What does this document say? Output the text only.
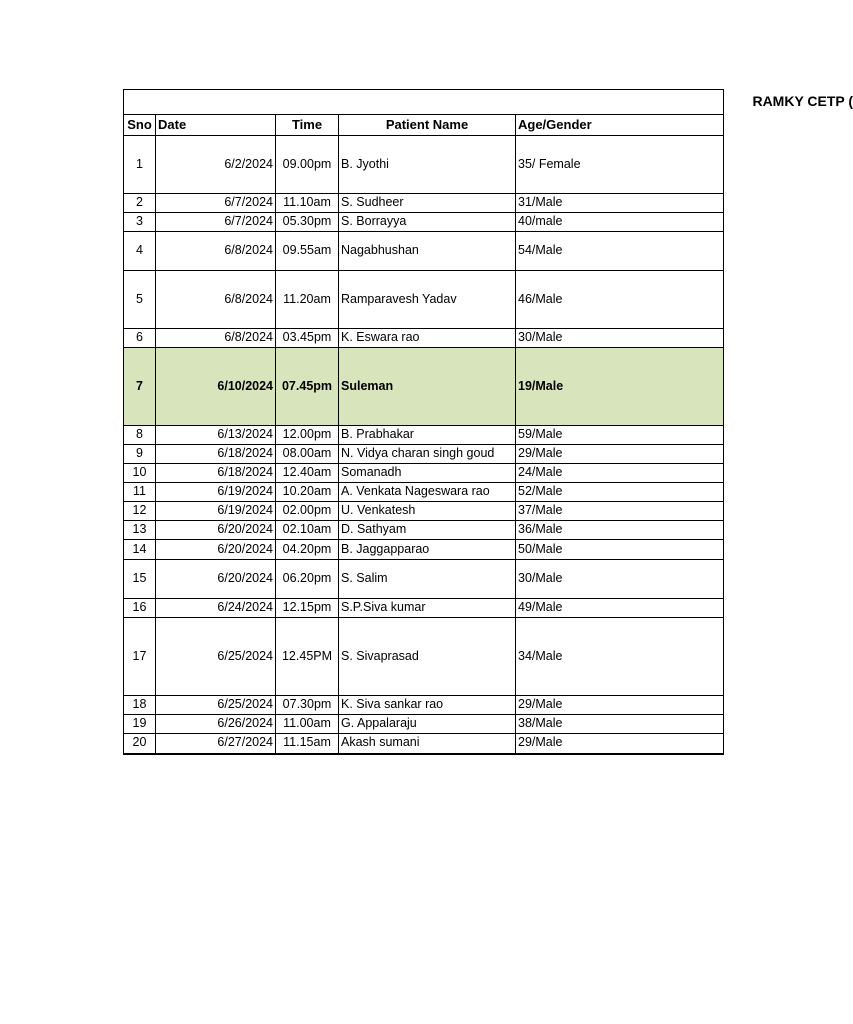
RAMKY CETP (				
Sno	Date	Time	Patient Name	Age/Gender
1	6/2/2024	09.00pm	B. Jyothi	35/ Female
2	6/7/2024	11.10am	S. Sudheer	31/Male
3	6/7/2024	05.30pm	S. Borrayya	40/male
4	6/8/2024	09.55am	Nagabhushan	54/Male
5	6/8/2024	11.20am	Ramparavesh Yadav	46/Male
6	6/8/2024	03.45pm	K. Eswara rao	30/Male
7	6/10/2024	07.45pm	Suleman	19/Male
8	6/13/2024	12.00pm	B. Prabhakar	59/Male
9	6/18/2024	08.00am	N. Vidya charan singh goud	29/Male
10	6/18/2024	12.40am	Somanadh	24/Male
11	6/19/2024	10.20am	A. Venkata Nageswara rao	52/Male
12	6/19/2024	02.00pm	U. Venkatesh	37/Male
13	6/20/2024	02.10am	D. Sathyam	36/Male
14	6/20/2024	04.20pm	B. Jaggapparao	50/Male
15	6/20/2024	06.20pm	S. Salim	30/Male
16	6/24/2024	12.15pm	S.P.Siva kumar	49/Male
17	6/25/2024	12.45PM	S. Sivaprasad	34/Male
18	6/25/2024	07.30pm	K. Siva sankar rao	29/Male
19	6/26/2024	11.00am	G. Appalaraju	38/Male
20	6/27/2024	11.15am	Akash sumani	29/Male
